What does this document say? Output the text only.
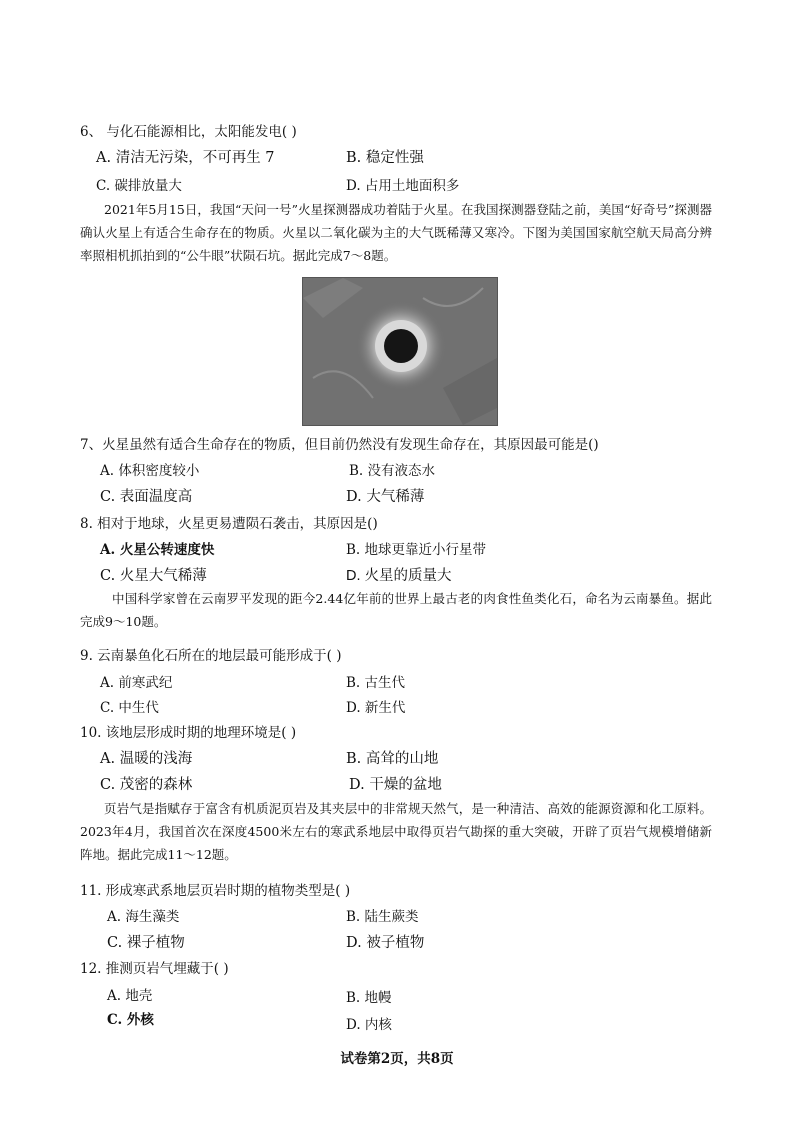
6、 与化石能源相比，太阳能发电( )
A. 清洁无污染，不可再生 7	B. 稳定性强
C. 碳排放量大	D. 占用土地面积多
2021年5月15日，我国“天问一号”火星探测器成功着陆于火星。在我国探测器登陆之前，美国“好奇号”探测器确认火星上有适合生命存在的物质。火星以二氧化碳为主的大气既稀薄又寒冷。下图为美国国家航空航天局高分辨率照相机抓拍到的“公牛眼”状陨石坑。据此完成7～8题。
7、火星虽然有适合生命存在的物质，但目前仍然没有发现生命存在，其原因最可能是()
A. 体积密度较小	B. 没有液态水
C. 表面温度高	D. 大气稀薄
8. 相对于地球，火星更易遭陨石袭击，其原因是()
A. 火星公转速度快	B. 地球更靠近小行星带
C. 火星大气稀薄	D. 火星的质量大
中国科学家曾在云南罗平发现的距今2.44亿年前的世界上最古老的肉食性鱼类化石，命名为云南暴鱼。据此完成9～10题。
9. 云南暴鱼化石所在的地层最可能形成于( )
A. 前寒武纪	B. 古生代
C. 中生代	D. 新生代
10. 该地层形成时期的地理环境是( )
A. 温暖的浅海	B. 高耸的山地
C. 茂密的森林	D. 干燥的盆地
页岩气是指赋存于富含有机质泥页岩及其夹层中的非常规天然气，是一种清洁、高效的能源资源和化工原料。2023年4月，我国首次在深度4500米左右的寒武系地层中取得页岩气勘探的重大突破，开辟了页岩气规模增储新阵地。据此完成11～12题。
11. 形成寒武系地层页岩时期的植物类型是( )
A. 海生藻类	B. 陆生蕨类
C. 裸子植物	D. 被子植物
12. 推测页岩气埋藏于( )
A. 地壳	B. 地幔
C. 外核	D. 内核
试卷第2页，共8页
